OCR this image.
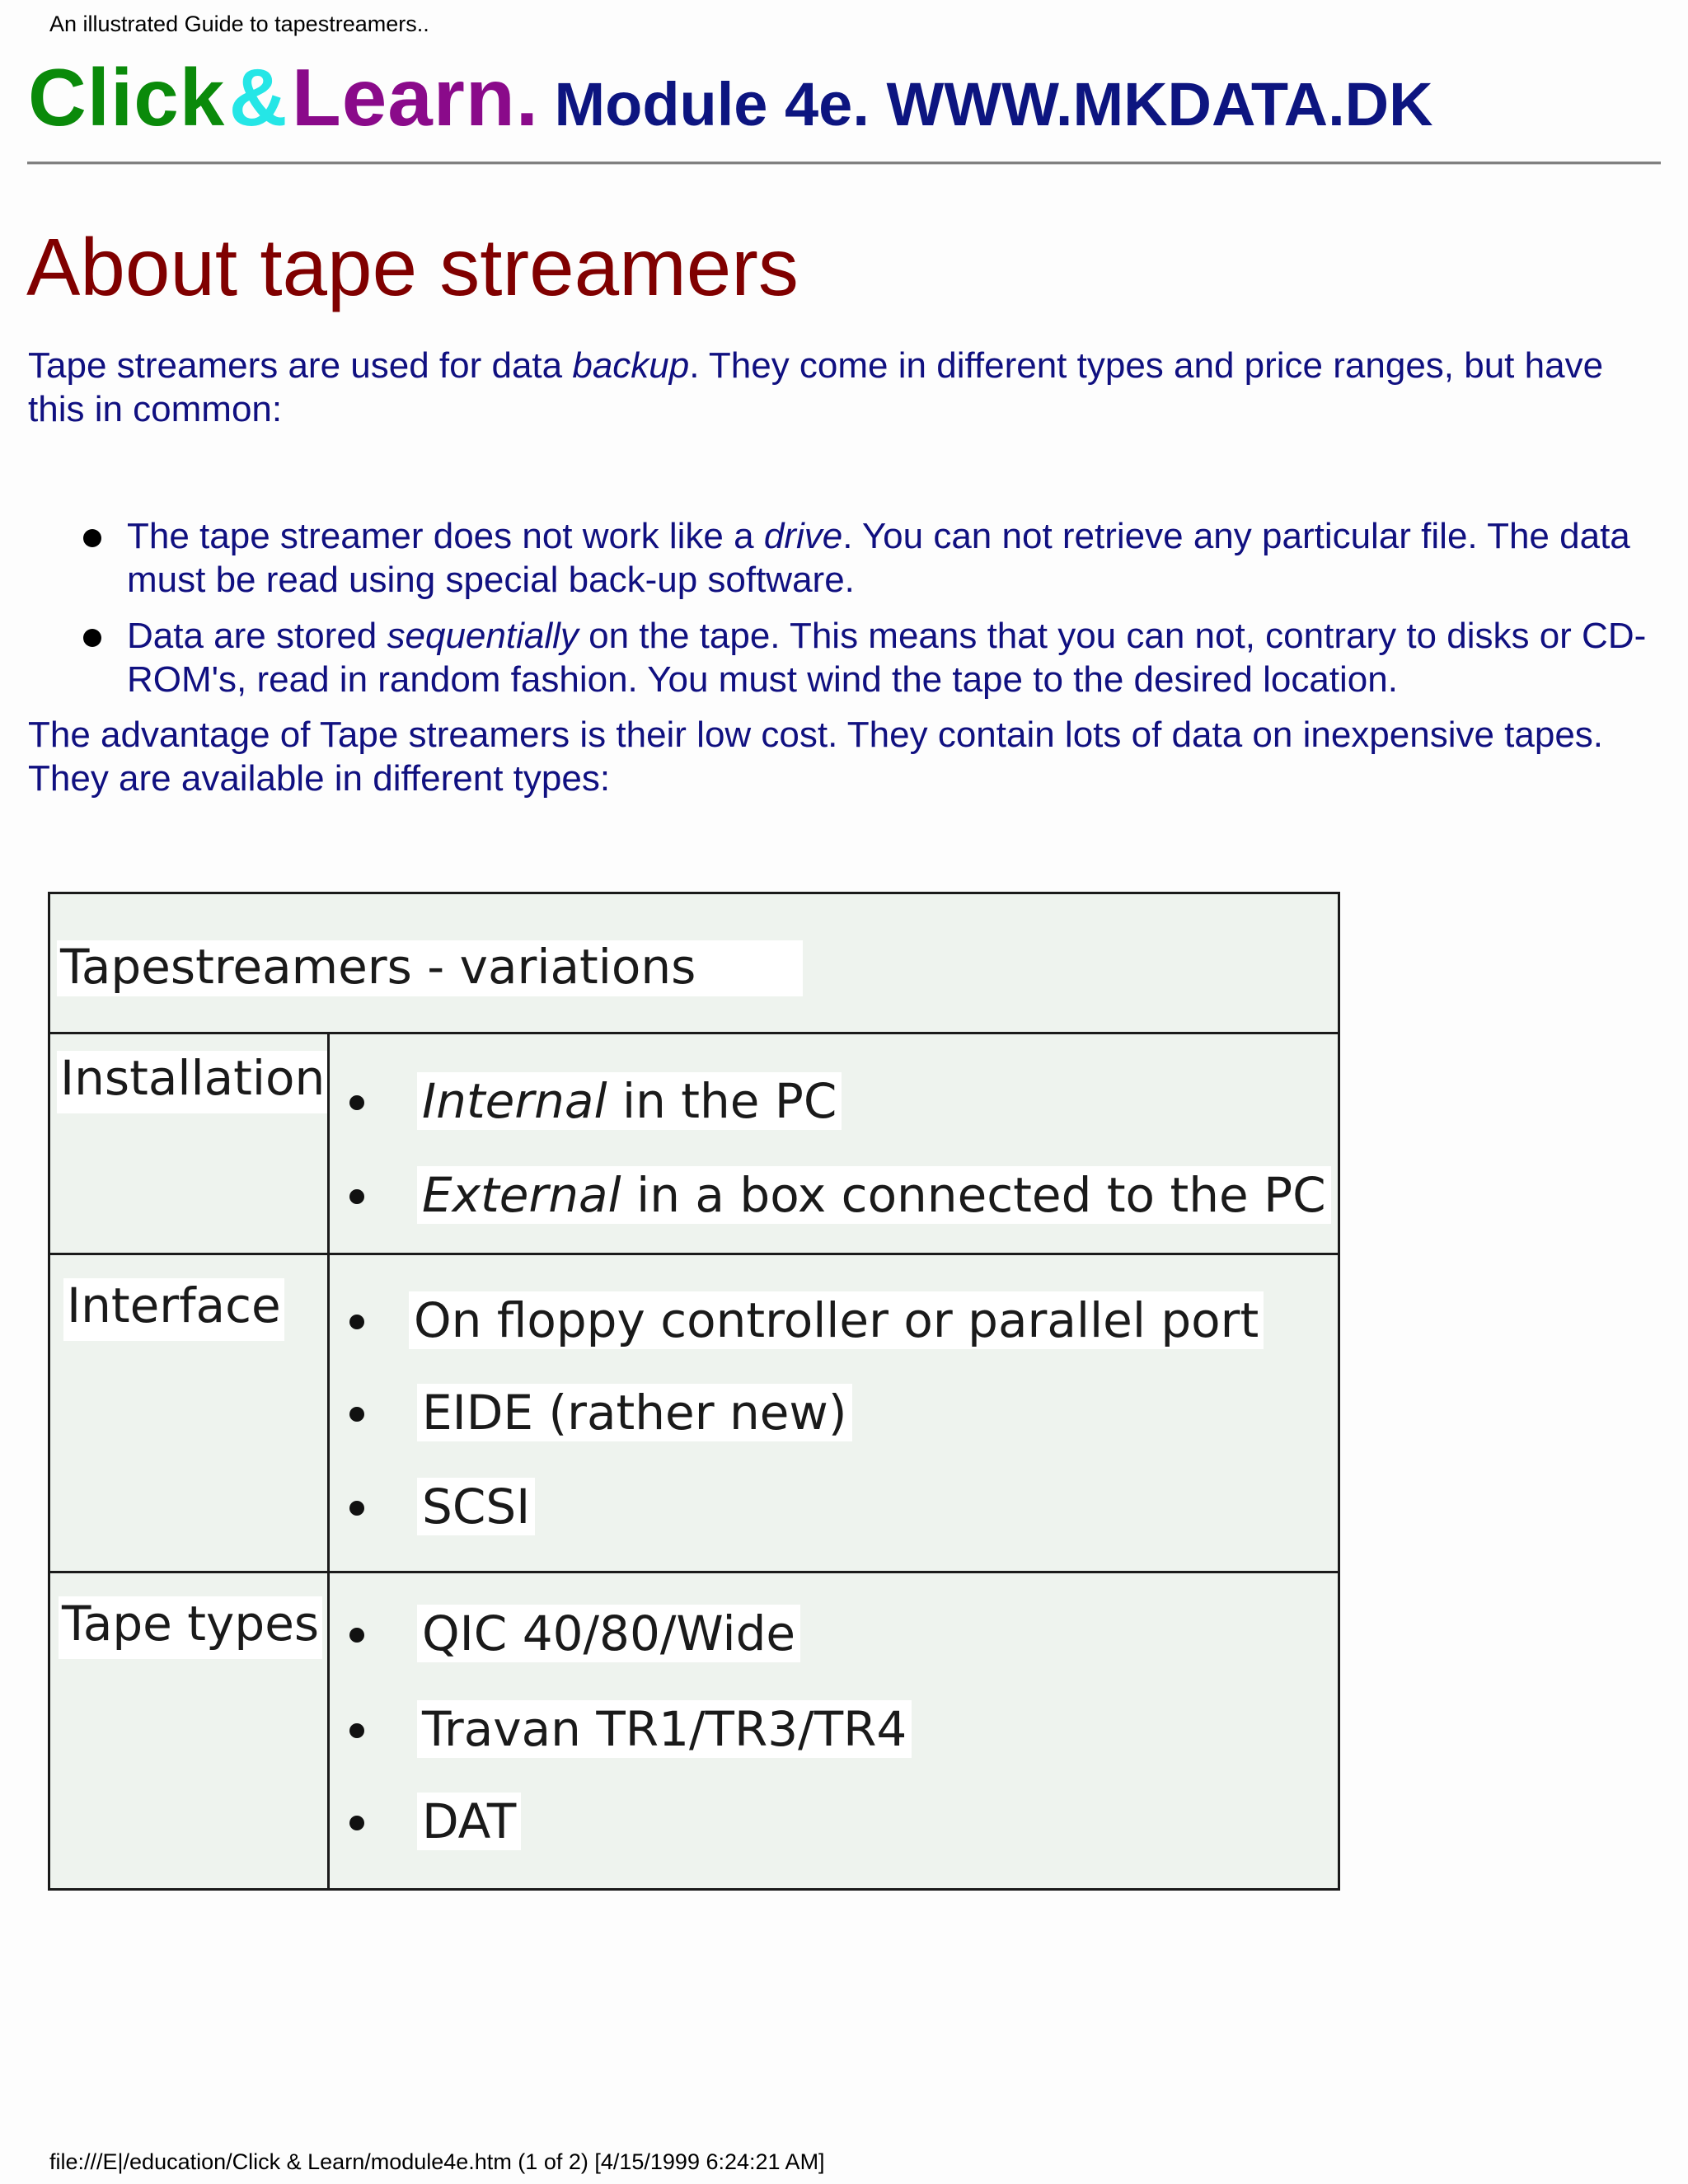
An illustrated Guide to tapestreamers..
Click & Learn. Module 4e. WWW.MKDATA.DK
About tape streamers

Tape streamers are used for data backup. They come in different types and price ranges, but have this in common:

The tape streamer does not work like a drive. You can not retrieve any particular file. The data must be read using special back-up software.
Data are stored sequentially on the tape. This means that you can not, contrary to disks or CD-ROM's, read in random fashion. You must wind the tape to the desired location.

The advantage of Tape streamers is their low cost. They contain lots of data on inexpensive tapes. They are available in different types:

Tapestreamers - variations
Installation Internal in the PC
External in a box connected to the PC
Interface	On floppy controller or parallel port
EIDE (rather new)
SCSI
Tape types QIC 40/80/Wide
Travan TR1/TR3/TR4
DAT
file:///E|/education/Click & Learn/module4e.htm (1 of 2) [4/15/1999 6:24:21 AM]
